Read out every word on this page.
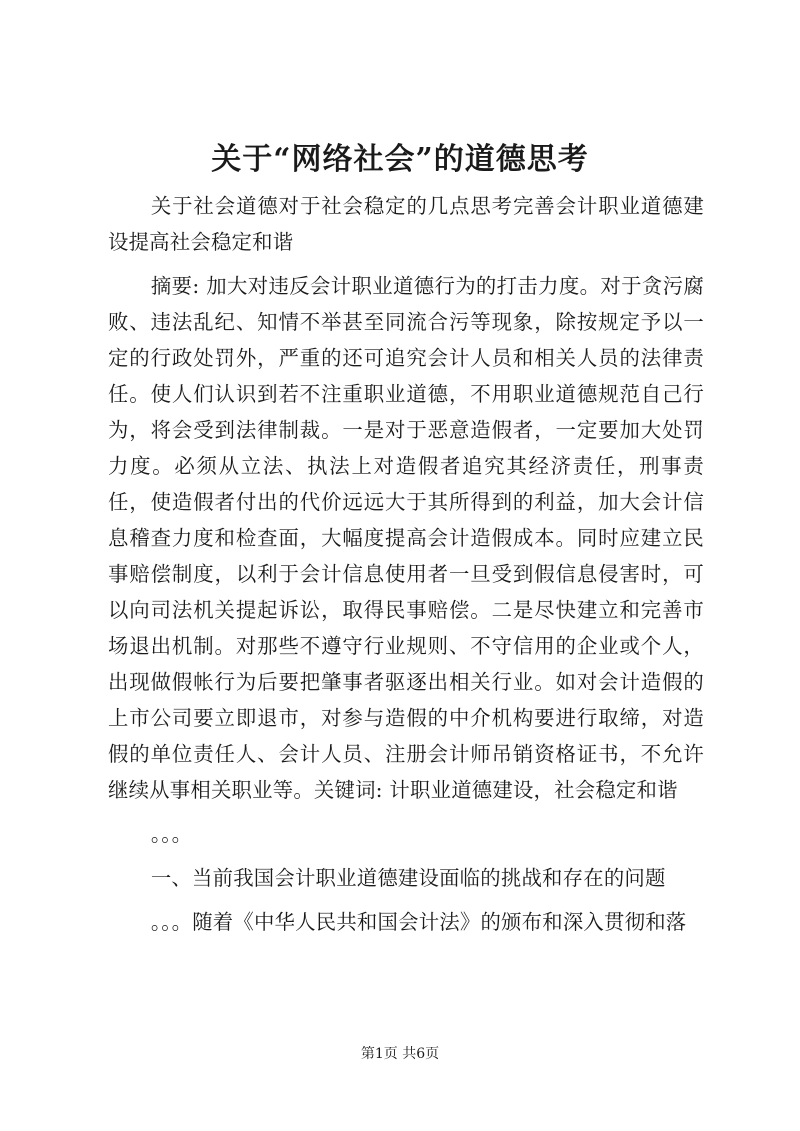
关于“网络社会”的道德思考

关于社会道德对于社会稳定的几点思考完善会计职业道德建设提高社会稳定和谐

摘要: 加大对违反会计职业道德行为的打击力度。对于贪污腐败、违法乱纪、知情不举甚至同流合污等现象，除按规定予以一定的行政处罚外，严重的还可追究会计人员和相关人员的法律责任。使人们认识到若不注重职业道德，不用职业道德规范自己行为，将会受到法律制裁。一是对于恶意造假者，一定要加大处罚力度。必须从立法、执法上对造假者追究其经济责任，刑事责任，使造假者付出的代价远远大于其所得到的利益，加大会计信息稽查力度和检查面，大幅度提高会计造假成本。同时应建立民事赔偿制度，以利于会计信息使用者一旦受到假信息侵害时，可以向司法机关提起诉讼，取得民事赔偿。二是尽快建立和完善市场退出机制。对那些不遵守行业规则、不守信用的企业或个人，出现做假帐行为后要把肇事者驱逐出相关行业。如对会计造假的上市公司要立即退市，对参与造假的中介机构要进行取缔，对造假的单位责任人、会计人员、注册会计师吊销资格证书，不允许继续从事相关职业等。关键词: 计职业道德建设，社会稳定和谐

。。。

一、当前我国会计职业道德建设面临的挑战和存在的问题

。。。随着《中华人民共和国会计法》的颁布和深入贯彻和落

第1页 共6页
